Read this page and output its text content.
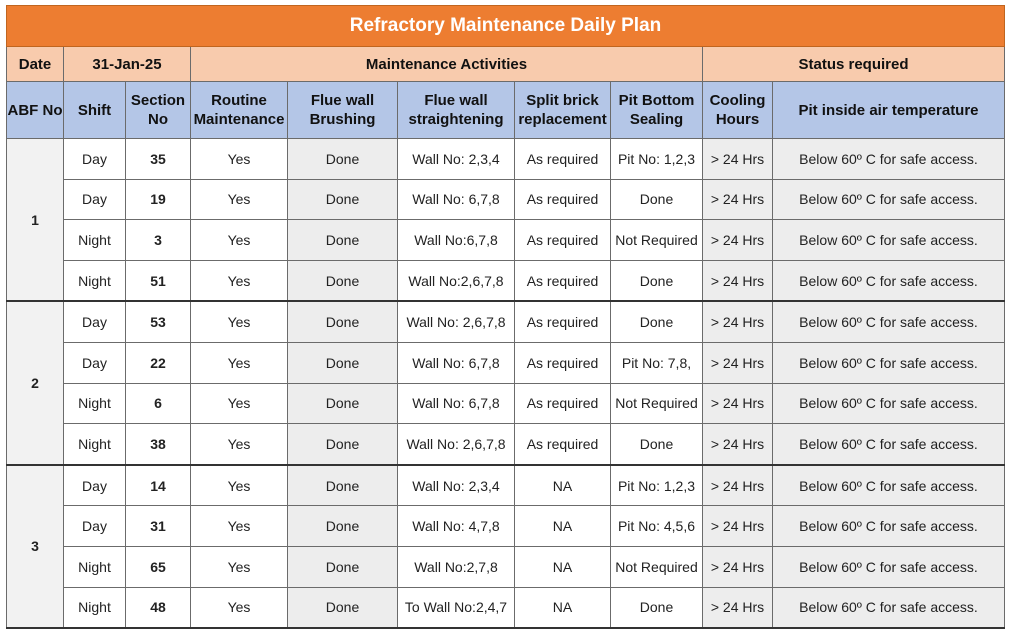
Refractory Maintenance Daily Plan									
Date	31-Jan-25		Maintenance Activities					Status required	
ABF No	Shift	Section No	Routine Maintenance	Flue wall Brushing	Flue wall straightening	Split brick replacement	Pit Bottom Sealing	Cooling Hours	Pit inside air temperature
1	Day	35	Yes	Done	Wall No: 2,3,4	As required	Pit No: 1,2,3	> 24 Hrs	Below 60º C for safe access.
	Day	19	Yes	Done	Wall No: 6,7,8	As required	Done	> 24 Hrs	Below 60º C for safe access.
	Night	3	Yes	Done	Wall No:6,7,8	As required	Not Required	> 24 Hrs	Below 60º C for safe access.
	Night	51	Yes	Done	Wall No:2,6,7,8	As required	Done	> 24 Hrs	Below 60º C for safe access.
2	Day	53	Yes	Done	Wall No: 2,6,7,8	As required	Done	> 24 Hrs	Below 60º C for safe access.
	Day	22	Yes	Done	Wall No: 6,7,8	As required	Pit No: 7,8,	> 24 Hrs	Below 60º C for safe access.
	Night	6	Yes	Done	Wall No: 6,7,8	As required	Not Required	> 24 Hrs	Below 60º C for safe access.
	Night	38	Yes	Done	Wall No: 2,6,7,8	As required	Done	> 24 Hrs	Below 60º C for safe access.
3	Day	14	Yes	Done	Wall No: 2,3,4	NA	Pit No: 1,2,3	> 24 Hrs	Below 60º C for safe access.
	Day	31	Yes	Done	Wall No: 4,7,8	NA	Pit No: 4,5,6	> 24 Hrs	Below 60º C for safe access.
	Night	65	Yes	Done	Wall No:2,7,8	NA	Not Required	> 24 Hrs	Below 60º C for safe access.
	Night	48	Yes	Done	To Wall No:2,4,7	NA	Done	> 24 Hrs	Below 60º C for safe access.
